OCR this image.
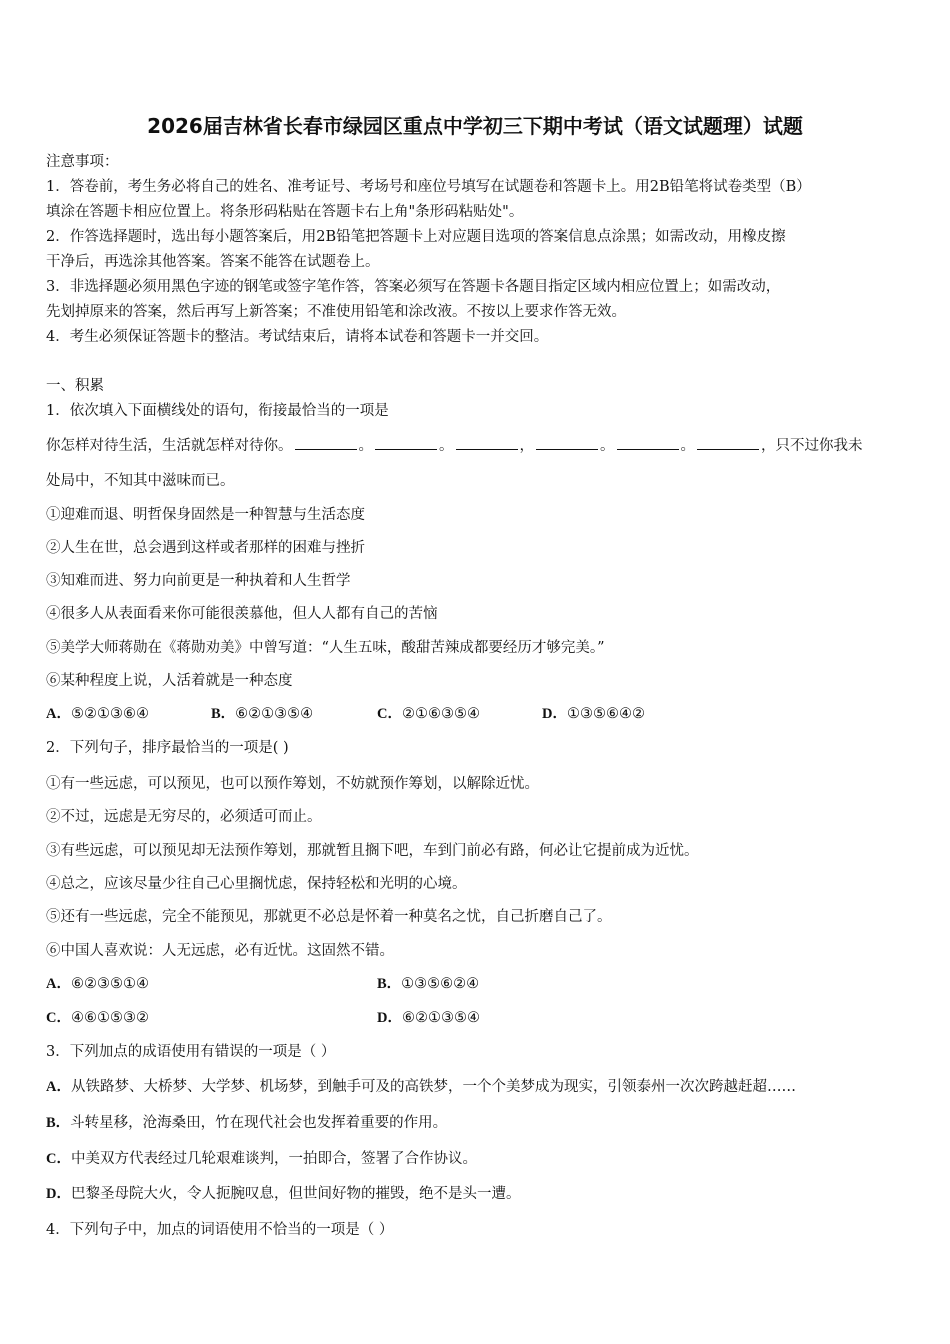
2026届吉林省长春市绿园区重点中学初三下期中考试（语文试题理）试题
注意事项：
1．答卷前，考生务必将自己的姓名、准考证号、考场号和座位号填写在试题卷和答题卡上。用2B铅笔将试卷类型（B）
填涂在答题卡相应位置上。将条形码粘贴在答题卡右上角"条形码粘贴处"。
2．作答选择题时，选出每小题答案后，用2B铅笔把答题卡上对应题目选项的答案信息点涂黑；如需改动，用橡皮擦
干净后，再选涂其他答案。答案不能答在试题卷上。
3．非选择题必须用黑色字迹的钢笔或签字笔作答，答案必须写在答题卡各题目指定区域内相应位置上；如需改动，
先划掉原来的答案，然后再写上新答案；不准使用铅笔和涂改液。不按以上要求作答无效。
4．考生必须保证答题卡的整洁。考试结束后，请将本试卷和答题卡一并交回。
一、积累
1．依次填入下面横线处的语句，衔接最恰当的一项是
你怎样对待生活，生活就怎样对待你。	。	。	，	。	。	，只不过你我未
处局中，不知其中滋味而已。
①迎难而退、明哲保身固然是一种智慧与生活态度
②人生在世，总会遇到这样或者那样的困难与挫折
③知难而进、努力向前更是一种执着和人生哲学
④很多人从表面看来你可能很羡慕他，但人人都有自己的苦恼
⑤美学大师蒋勋在《蒋勋劝美》中曾写道：“人生五味，酸甜苦辣成都要经历才够完美。”
⑥某种程度上说，人活着就是一种态度
A．⑤②①③⑥④	B．⑥②①③⑤④	C．②①⑥③⑤④	D．①③⑤⑥④②
2．下列句子，排序最恰当的一项是( )
①有一些远虑，可以预见，也可以预作筹划，不妨就预作筹划，以解除近忧。
②不过，远虑是无穷尽的，必须适可而止。
③有些远虑，可以预见却无法预作筹划，那就暂且搁下吧，车到门前必有路，何必让它提前成为近忧。
④总之，应该尽量少往自己心里搁忧虑，保持轻松和光明的心境。
⑤还有一些远虑，完全不能预见，那就更不必总是怀着一种莫名之忧，自己折磨自己了。
⑥中国人喜欢说：人无远虑，必有近忧。这固然不错。
A．⑥②③⑤①④	B．①③⑤⑥②④
C．④⑥①⑤③②	D．⑥②①③⑤④
3．下列加点的成语使用有错误的一项是（ ）
A．从铁路梦、大桥梦、大学梦、机场梦，到触手可及的高铁梦，一个个美梦成为现实，引领泰州一次次跨越赶超……
B．斗转星移，沧海桑田，竹在现代社会也发挥着重要的作用。
C．中美双方代表经过几轮艰难谈判，一拍即合，签署了合作协议。
D．巴黎圣母院大火，令人扼腕叹息，但世间好物的摧毁，绝不是头一遭。
4．下列句子中，加点的词语使用不恰当的一项是（ ）
